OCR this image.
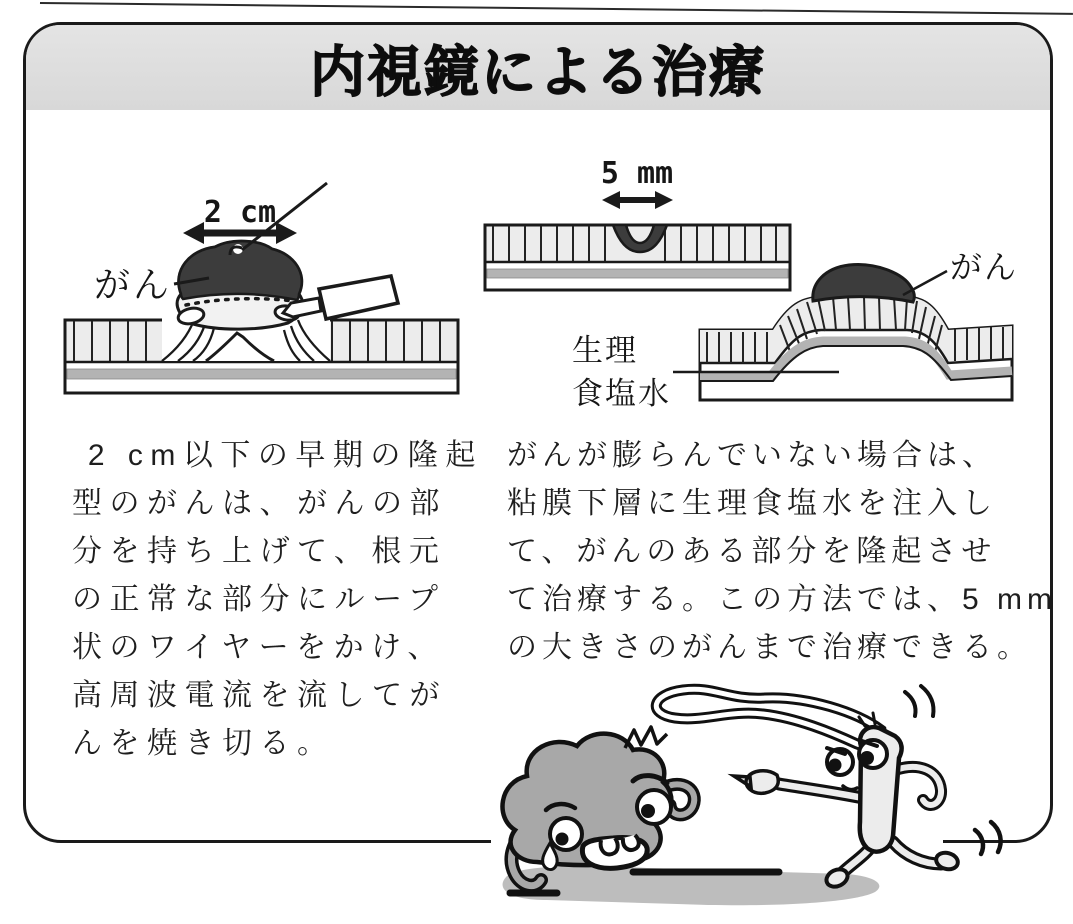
内視鏡による治療
2 cm
がん
5 mm
がん
生理
食塩水
2 cm以下の早期の隆起
型のがんは、がんの部
分を持ち上げて、根元
の正常な部分にループ
状のワイヤーをかけ、
高周波電流を流してが
んを焼き切る。
がんが膨らんでいない場合は、
粘膜下層に生理食塩水を注入し
て、がんのある部分を隆起させ
て治療する。この方法では、5 mm
の大きさのがんまで治療できる。
